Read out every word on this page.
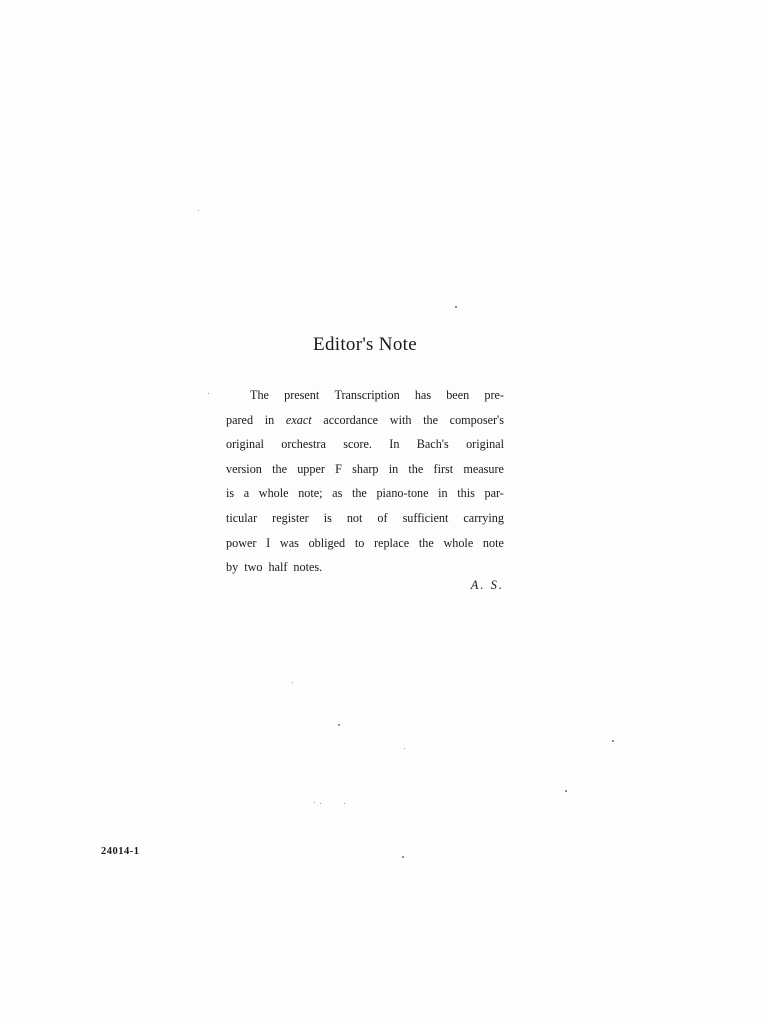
Editor's Note
The present Transcription has been pre-
pared in exact accordance with the composer's
original orchestra score. In Bach's original
version the upper F sharp in the first measure
is a whole note; as the piano-tone in this par-
ticular register is not of sufficient carrying
power I was obliged to replace the whole note
by two half notes.
A. S.
24014-1
